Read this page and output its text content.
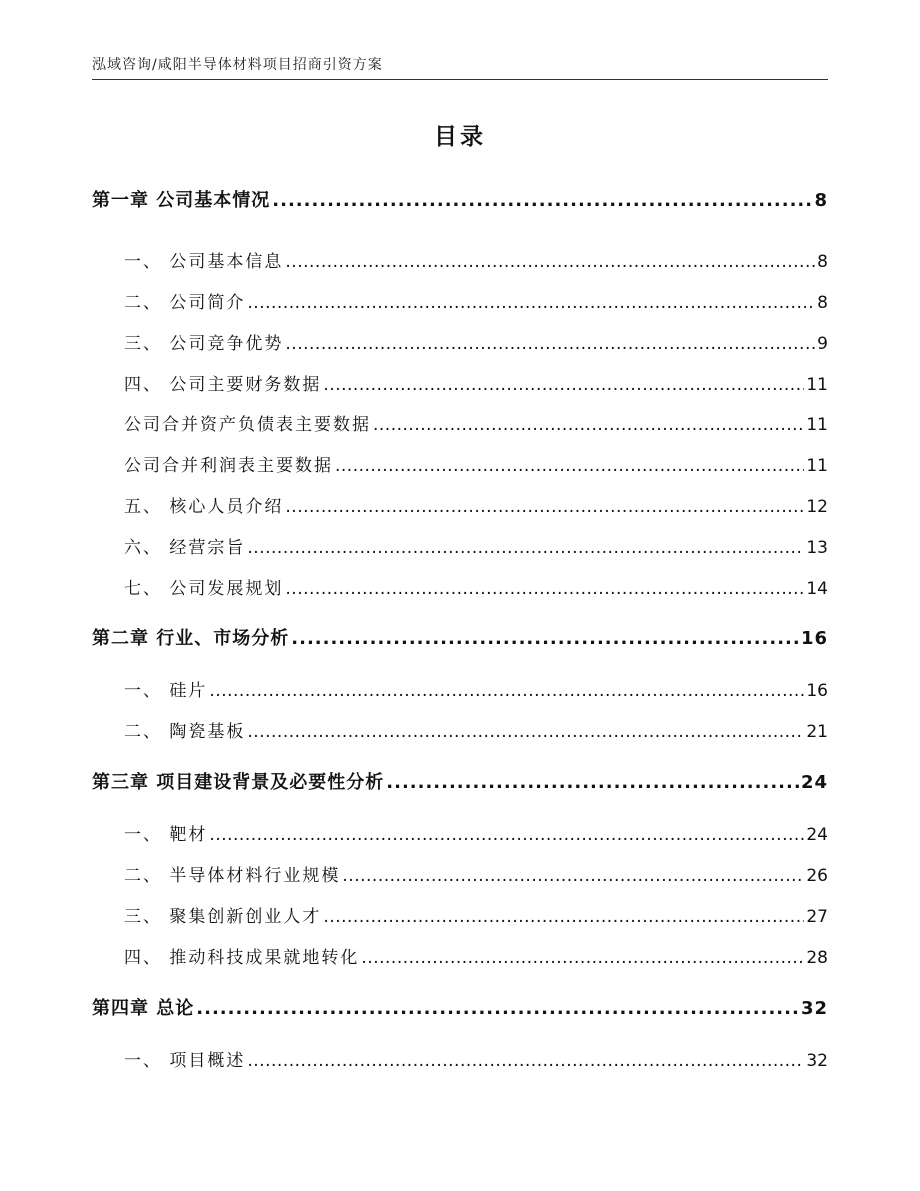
泓域咨询/咸阳半导体材料项目招商引资方案
目录
第一章 公司基本情况 .....	8
一、 公司基本信息 .....	8
二、 公司简介 .....	8
三、 公司竞争优势 .....	9
四、 公司主要财务数据 .....	11
公司合并资产负债表主要数据 .....	11
公司合并利润表主要数据 .....	11
五、 核心人员介绍 .....	12
六、 经营宗旨 .....	13
七、 公司发展规划 .....	14
第二章 行业、市场分析 .....	16
一、 硅片 .....	16
二、 陶瓷基板 .....	21
第三章 项目建设背景及必要性分析 .....	24
一、 靶材 .....	24
二、 半导体材料行业规模 .....	26
三、 聚集创新创业人才 .....	27
四、 推动科技成果就地转化 .....	28
第四章 总论 .....	32
一、 项目概述 .....	32
